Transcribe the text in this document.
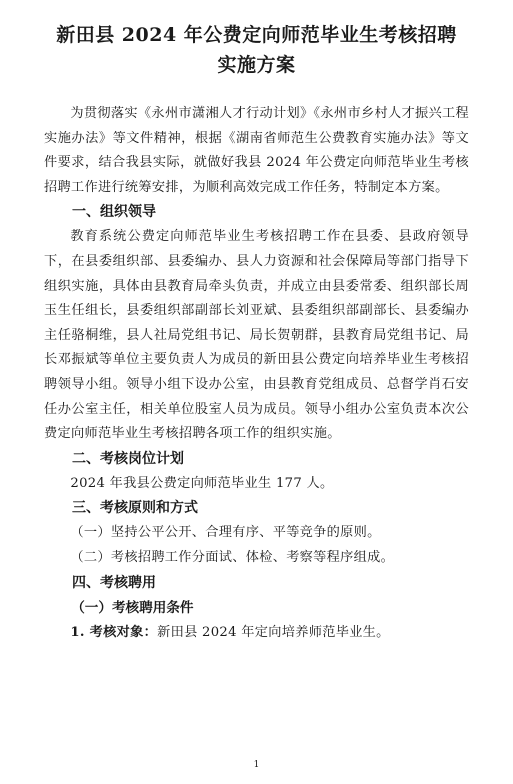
新田县 2024 年公费定向师范毕业生考核招聘

实施方案

为贯彻落实《永州市潇湘人才行动计划》《永州市乡村人才振兴工程实施办法》等文件精神，根据《湖南省师范生公费教育实施办法》等文件要求，结合我县实际，就做好我县 2024 年公费定向师范毕业生考核招聘工作进行统筹安排，为顺利高效完成工作任务，特制定本方案。

一、组织领导

教育系统公费定向师范毕业生考核招聘工作在县委、县政府领导下，在县委组织部、县委编办、县人力资源和社会保障局等部门指导下组织实施，具体由县教育局牵头负责，并成立由县委常委、组织部长周玉生任组长，县委组织部副部长刘亚斌、县委组织部副部长、县委编办主任骆桐维，县人社局党组书记、局长贺朝群，县教育局党组书记、局长邓振斌等单位主要负责人为成员的新田县公费定向培养毕业生考核招聘领导小组。领导小组下设办公室，由县教育党组成员、总督学肖石安任办公室主任，相关单位股室人员为成员。领导小组办公室负责本次公费定向师范毕业生考核招聘各项工作的组织实施。

二、考核岗位计划

2024 年我县公费定向师范毕业生 177 人。

三、考核原则和方式

（一）坚持公平公开、合理有序、平等竞争的原则。

（二）考核招聘工作分面试、体检、考察等程序组成。

四、考核聘用

（一）考核聘用条件

1. 考核对象：新田县 2024 年定向培养师范毕业生。

1
